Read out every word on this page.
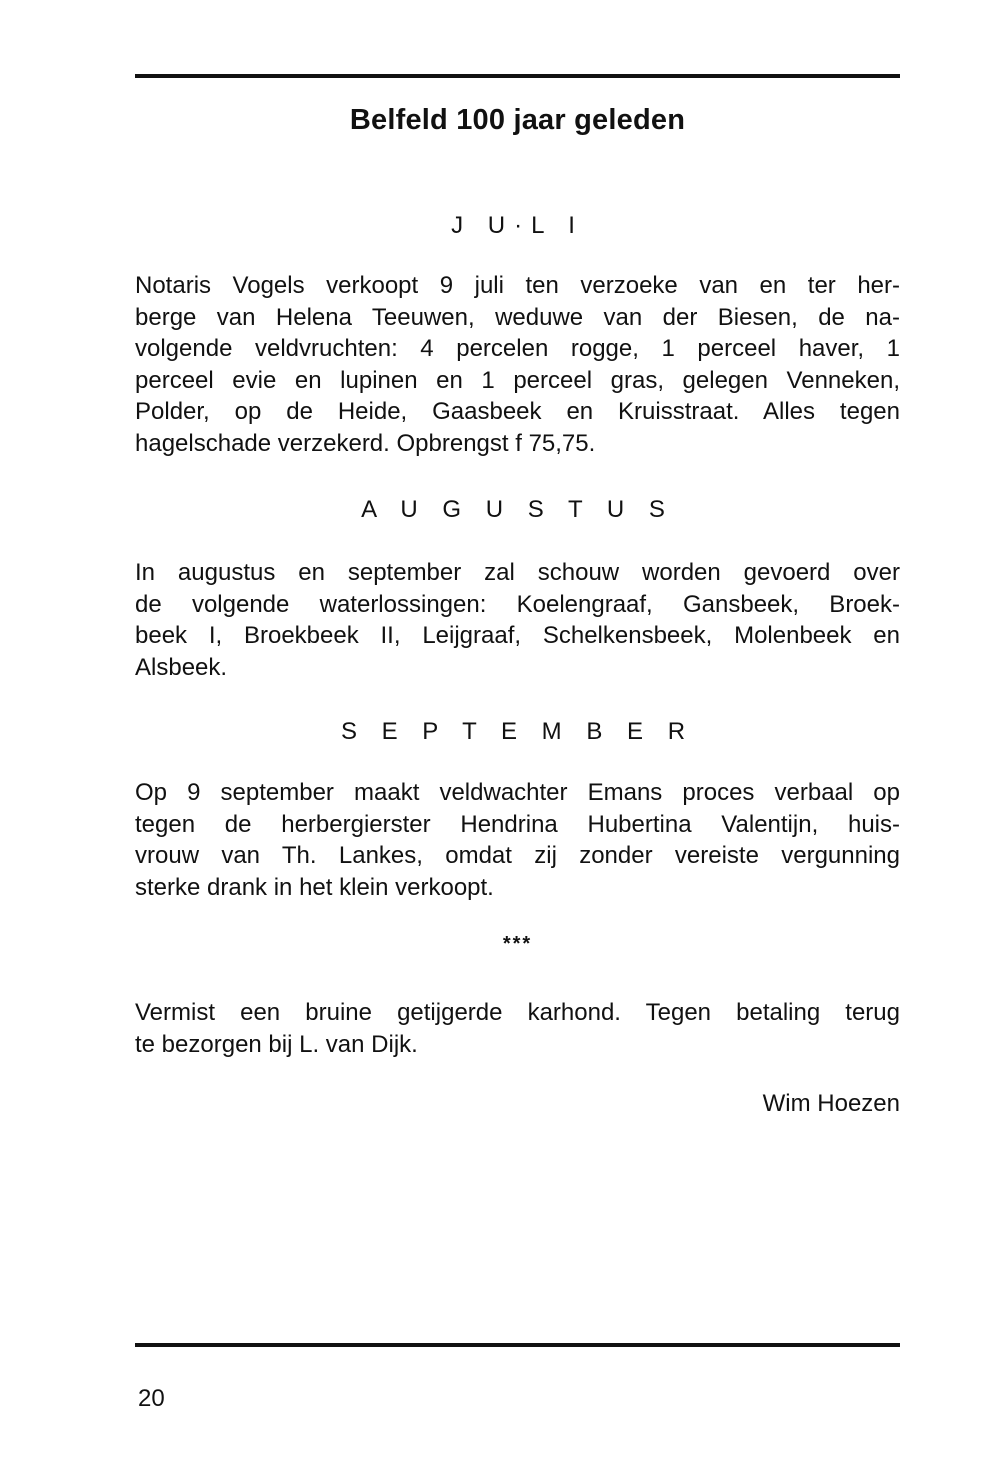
Belfeld 100 jaar geleden
J U·L I
Notaris Vogels verkoopt 9 juli ten verzoeke van en ter her-
berge van Helena Teeuwen, weduwe van der Biesen, de na-
volgende veldvruchten: 4 percelen rogge, 1 perceel haver, 1
perceel evie en lupinen en 1 perceel gras, gelegen Venneken,
Polder, op de Heide, Gaasbeek en Kruisstraat. Alles tegen
hagelschade verzekerd. Opbrengst f 75,75.
A U G U S T U S
In augustus en september zal schouw worden gevoerd over
de volgende waterlossingen: Koelengraaf, Gansbeek, Broek-
beek I, Broekbeek II, Leijgraaf, Schelkensbeek, Molenbeek en
Alsbeek.
S E P T E M B E R
Op 9 september maakt veldwachter Emans proces verbaal op
tegen de herbergierster Hendrina Hubertina Valentijn, huis-
vrouw van Th. Lankes, omdat zij zonder vereiste vergunning
sterke drank in het klein verkoopt.
***
Vermist een bruine getijgerde karhond. Tegen betaling terug
te bezorgen bij L. van Dijk.
Wim Hoezen
20
